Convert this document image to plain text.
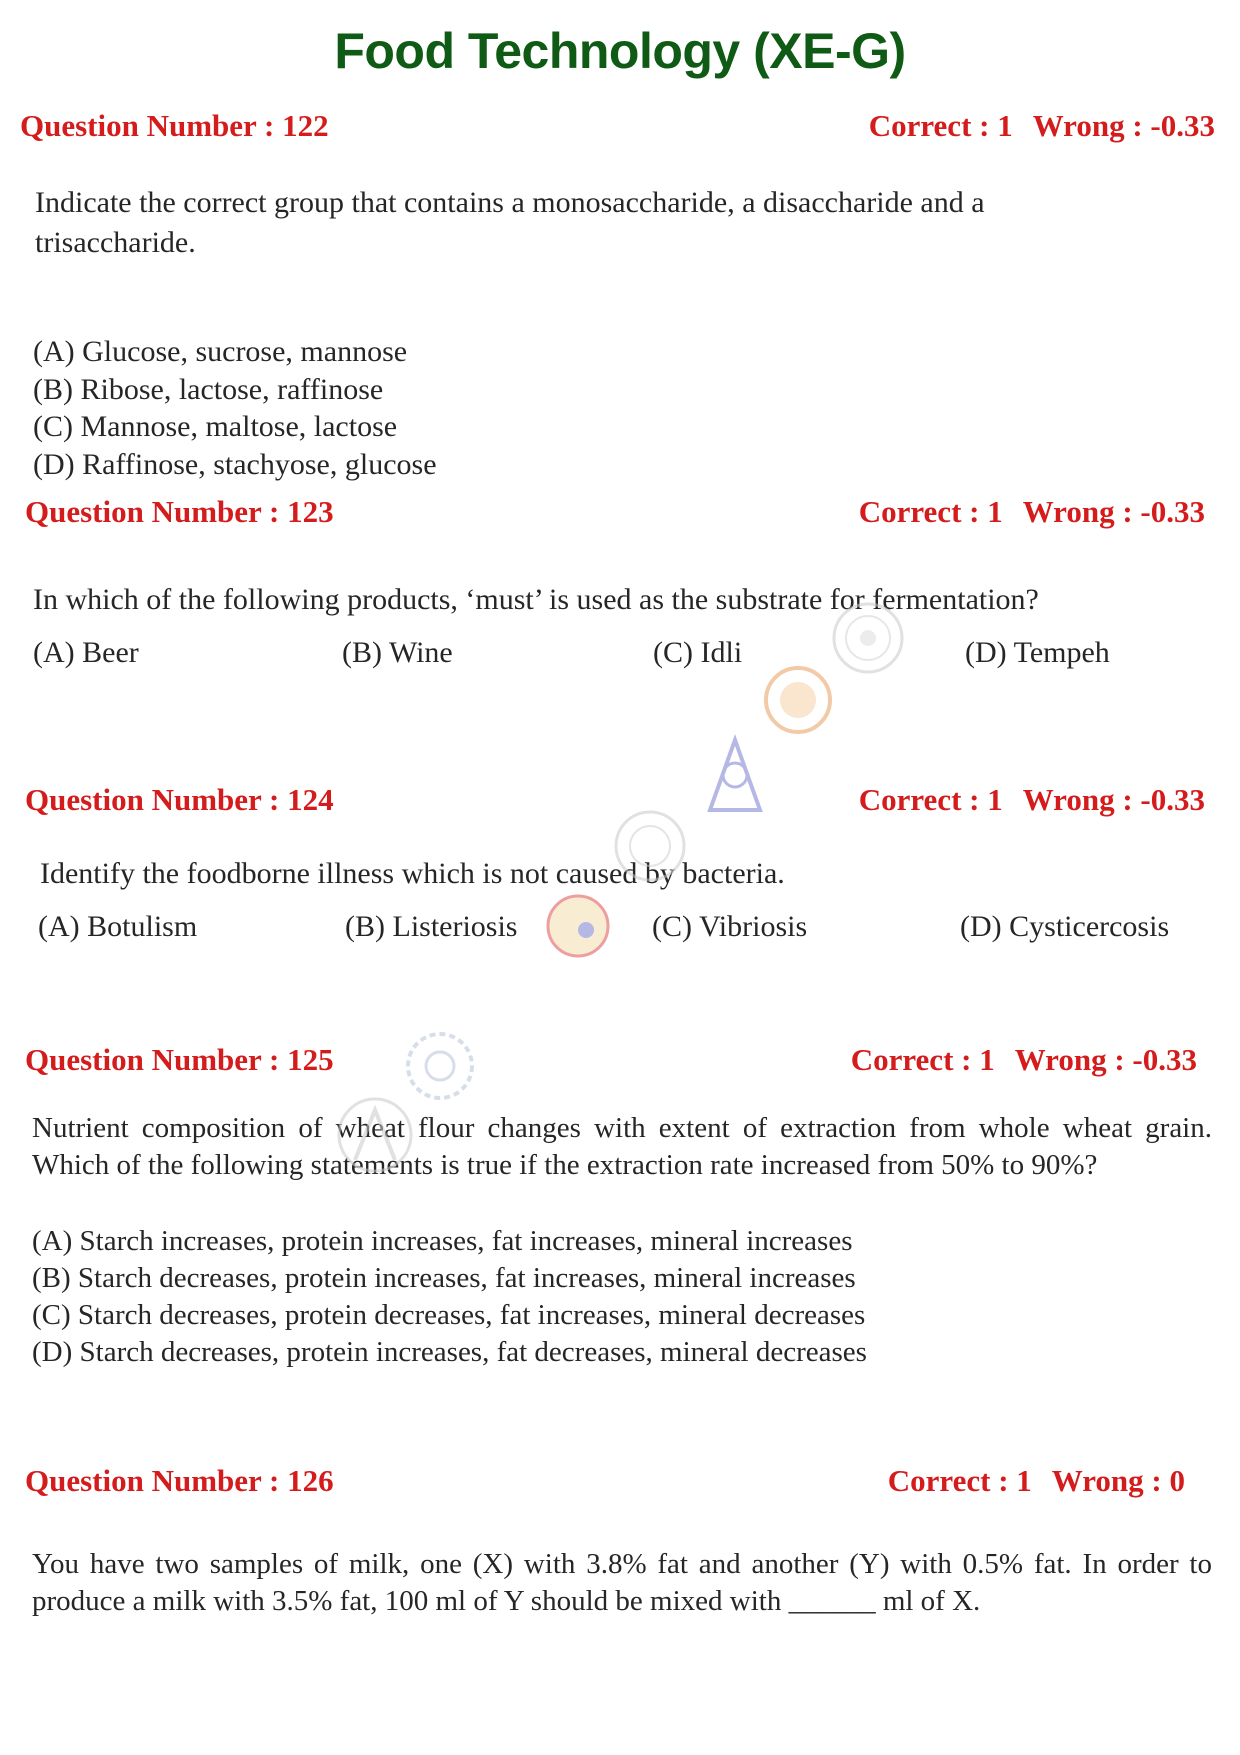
Food Technology (XE-G)
Question Number : 122	Correct : 1 Wrong : -0.33
Indicate the correct group that contains a monosaccharide, a disaccharide and a
trisaccharide.
(A) Glucose, sucrose, mannose
(B) Ribose, lactose, raffinose
(C) Mannose, maltose, lactose
(D) Raffinose, stachyose, glucose
Question Number : 123	Correct : 1 Wrong : -0.33
In which of the following products, ‘must’ is used as the substrate for fermentation?
(A) Beer	(B) Wine	(C) Idli	(D) Tempeh
Question Number : 124	Correct : 1 Wrong : -0.33
Identify the foodborne illness which is not caused by bacteria.
(A) Botulism	(B) Listeriosis	(C) Vibriosis	(D) Cysticercosis
Question Number : 125	Correct : 1 Wrong : -0.33
Nutrient composition of wheat flour changes with extent of extraction from whole wheat grain. Which of the following statements is true if the extraction rate increased from 50% to 90%?
(A) Starch increases, protein increases, fat increases, mineral increases
(B) Starch decreases, protein increases, fat increases, mineral increases
(C) Starch decreases, protein decreases, fat increases, mineral decreases
(D) Starch decreases, protein increases, fat decreases, mineral decreases
Question Number : 126	Correct : 1 Wrong : 0
You have two samples of milk, one (X) with 3.8% fat and another (Y) with 0.5% fat. In order to produce a milk with 3.5% fat, 100 ml of Y should be mixed with ______ ml of X.
